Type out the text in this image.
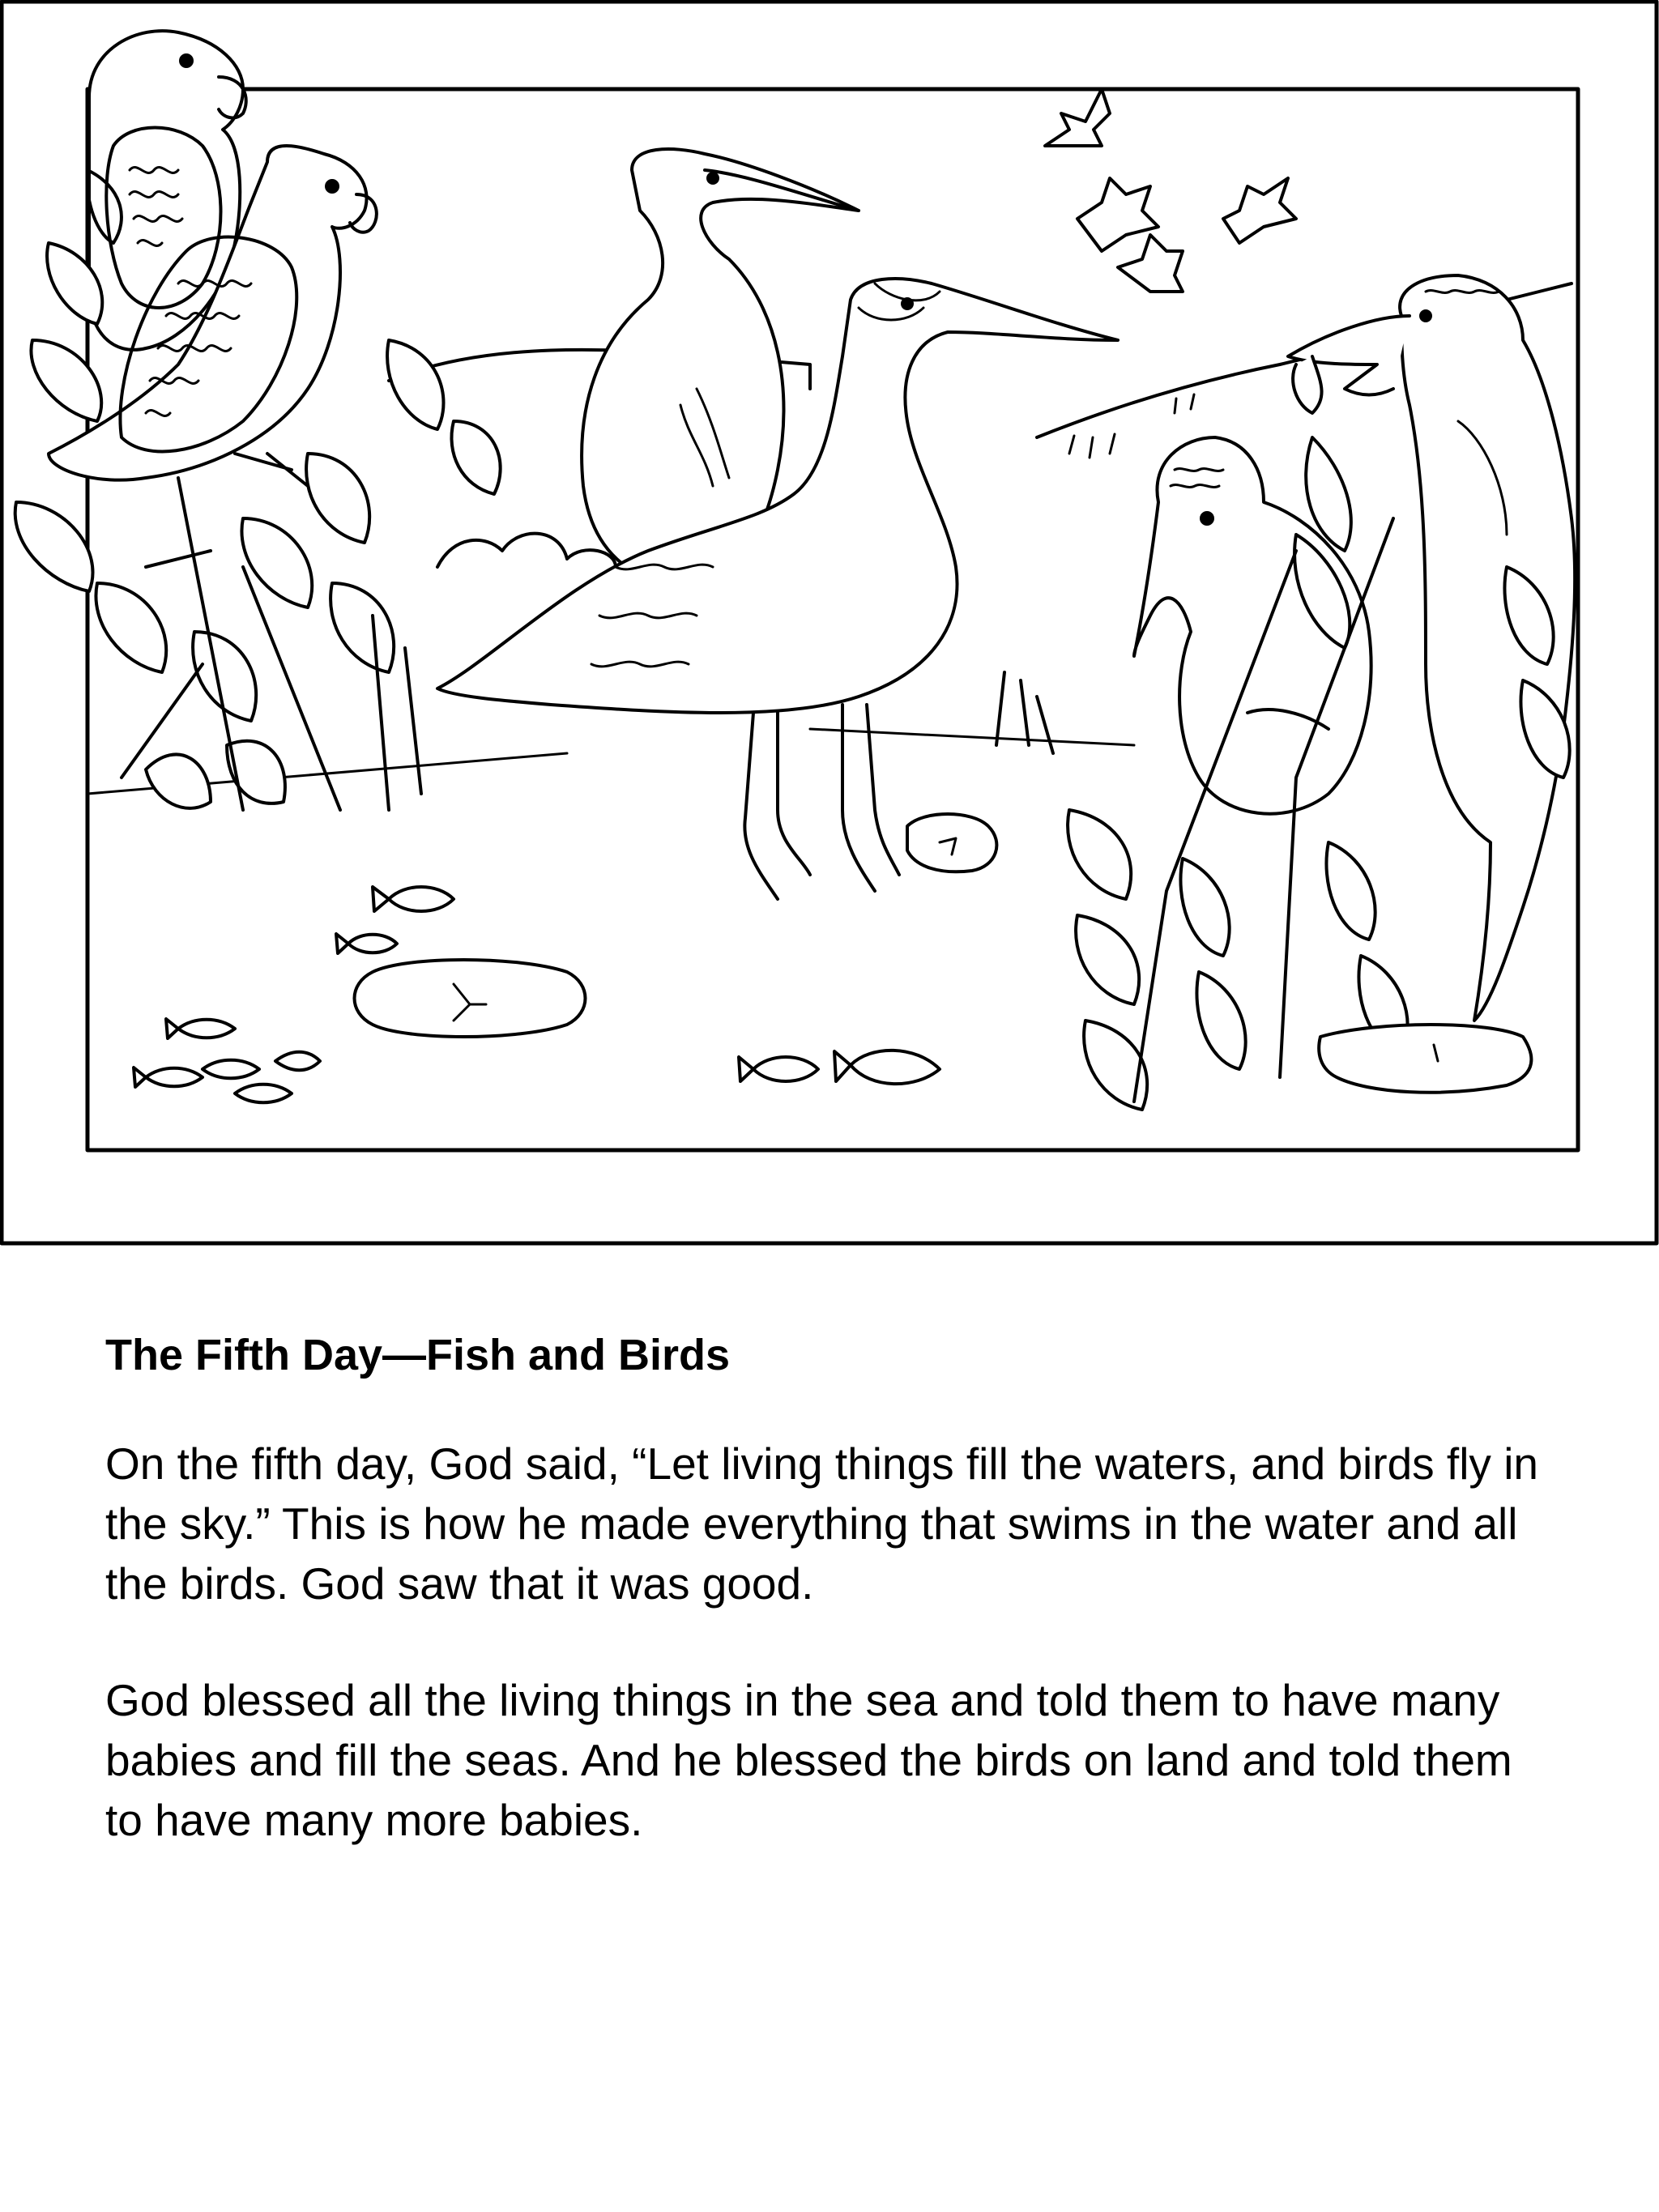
The Fifth Day—Fish and Birds

On the fifth day, God said, “Let living things fill the waters, and birds fly in the sky.” This is how he made everything that swims in the water and all the birds. God saw that it was good.

God blessed all the living things in the sea and told them to have many babies and fill the seas. And he blessed the birds on land and told them to have many more babies.
